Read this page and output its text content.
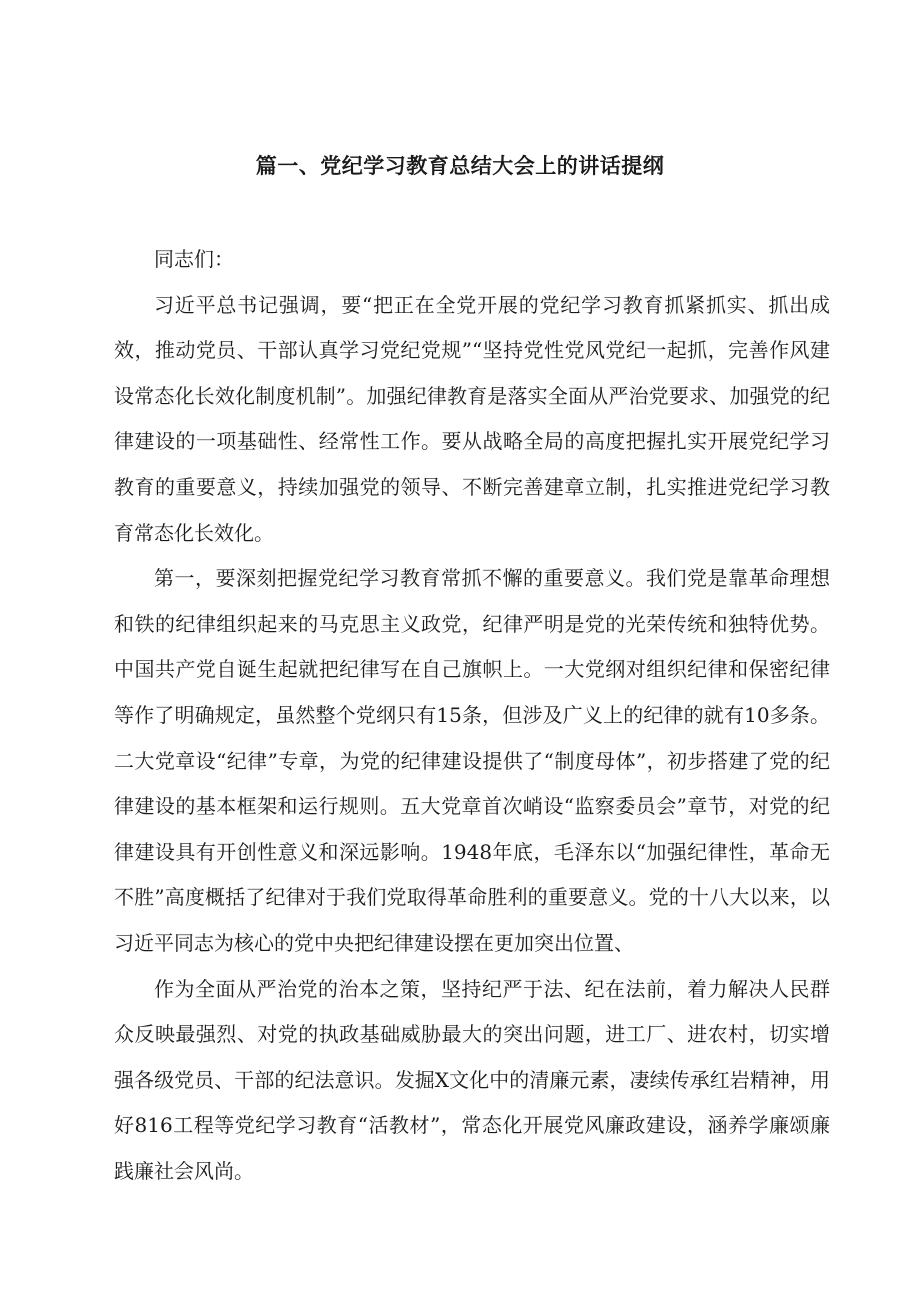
篇一、党纪学习教育总结大会上的讲话提纲

同志们：

习近平总书记强调，要“把正在全党开展的党纪学习教育抓紧抓实、抓出成效，推动党员、干部认真学习党纪党规”“坚持党性党风党纪一起抓，完善作风建设常态化长效化制度机制”。加强纪律教育是落实全面从严治党要求、加强党的纪律建设的一项基础性、经常性工作。要从战略全局的高度把握扎实开展党纪学习教育的重要意义，持续加强党的领导、不断完善建章立制，扎实推进党纪学习教育常态化长效化。

第一，要深刻把握党纪学习教育常抓不懈的重要意义。我们党是靠革命理想和铁的纪律组织起来的马克思主义政党，纪律严明是党的光荣传统和独特优势。中国共产党自诞生起就把纪律写在自己旗帜上。一大党纲对组织纪律和保密纪律等作了明确规定，虽然整个党纲只有15条，但涉及广义上的纪律的就有10多条。二大党章设“纪律”专章，为党的纪律建设提供了“制度母体”，初步搭建了党的纪律建设的基本框架和运行规则。五大党章首次峭设“监察委员会”章节，对党的纪律建设具有开创性意义和深远影响。1948年底，毛泽东以“加强纪律性，革命无不胜”高度概括了纪律对于我们党取得革命胜利的重要意义。党的十八大以来，以习近平同志为核心的党中央把纪律建设摆在更加突出位置、

作为全面从严治党的治本之策，坚持纪严于法、纪在法前，着力解决人民群众反映最强烈、对党的执政基础威胁最大的突出问题，进工厂、进农村，切实增强各级党员、干部的纪法意识。发掘X文化中的清廉元素，凄续传承红岩精神，用好816工程等党纪学习教育“活教材”，常态化开展党风廉政建设，涵养学廉颂廉践廉社会风尚。
